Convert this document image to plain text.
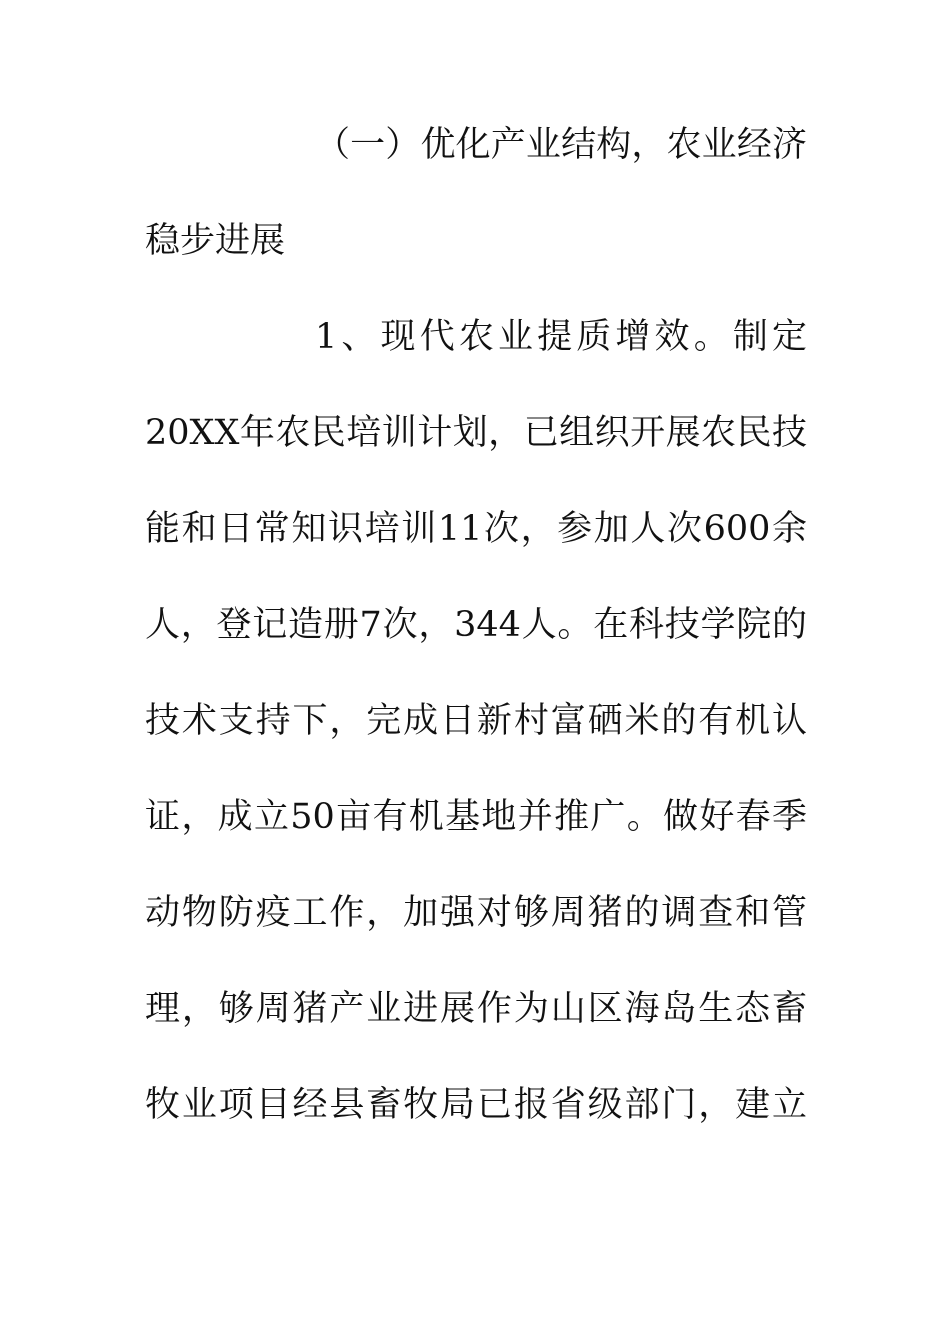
（一）优化产业结构，农业经济
稳步进展
1、现代农业提质增效。制定
20XX年农民培训计划，已组织开展农民技
能和日常知识培训11次，参加人次600余
人，登记造册7次，344人。在科技学院的
技术支持下，完成日新村富硒米的有机认
证，成立50亩有机基地并推广。做好春季
动物防疫工作，加强对够周猪的调查和管
理，够周猪产业进展作为山区海岛生态畜
牧业项目经县畜牧局已报省级部门，建立
